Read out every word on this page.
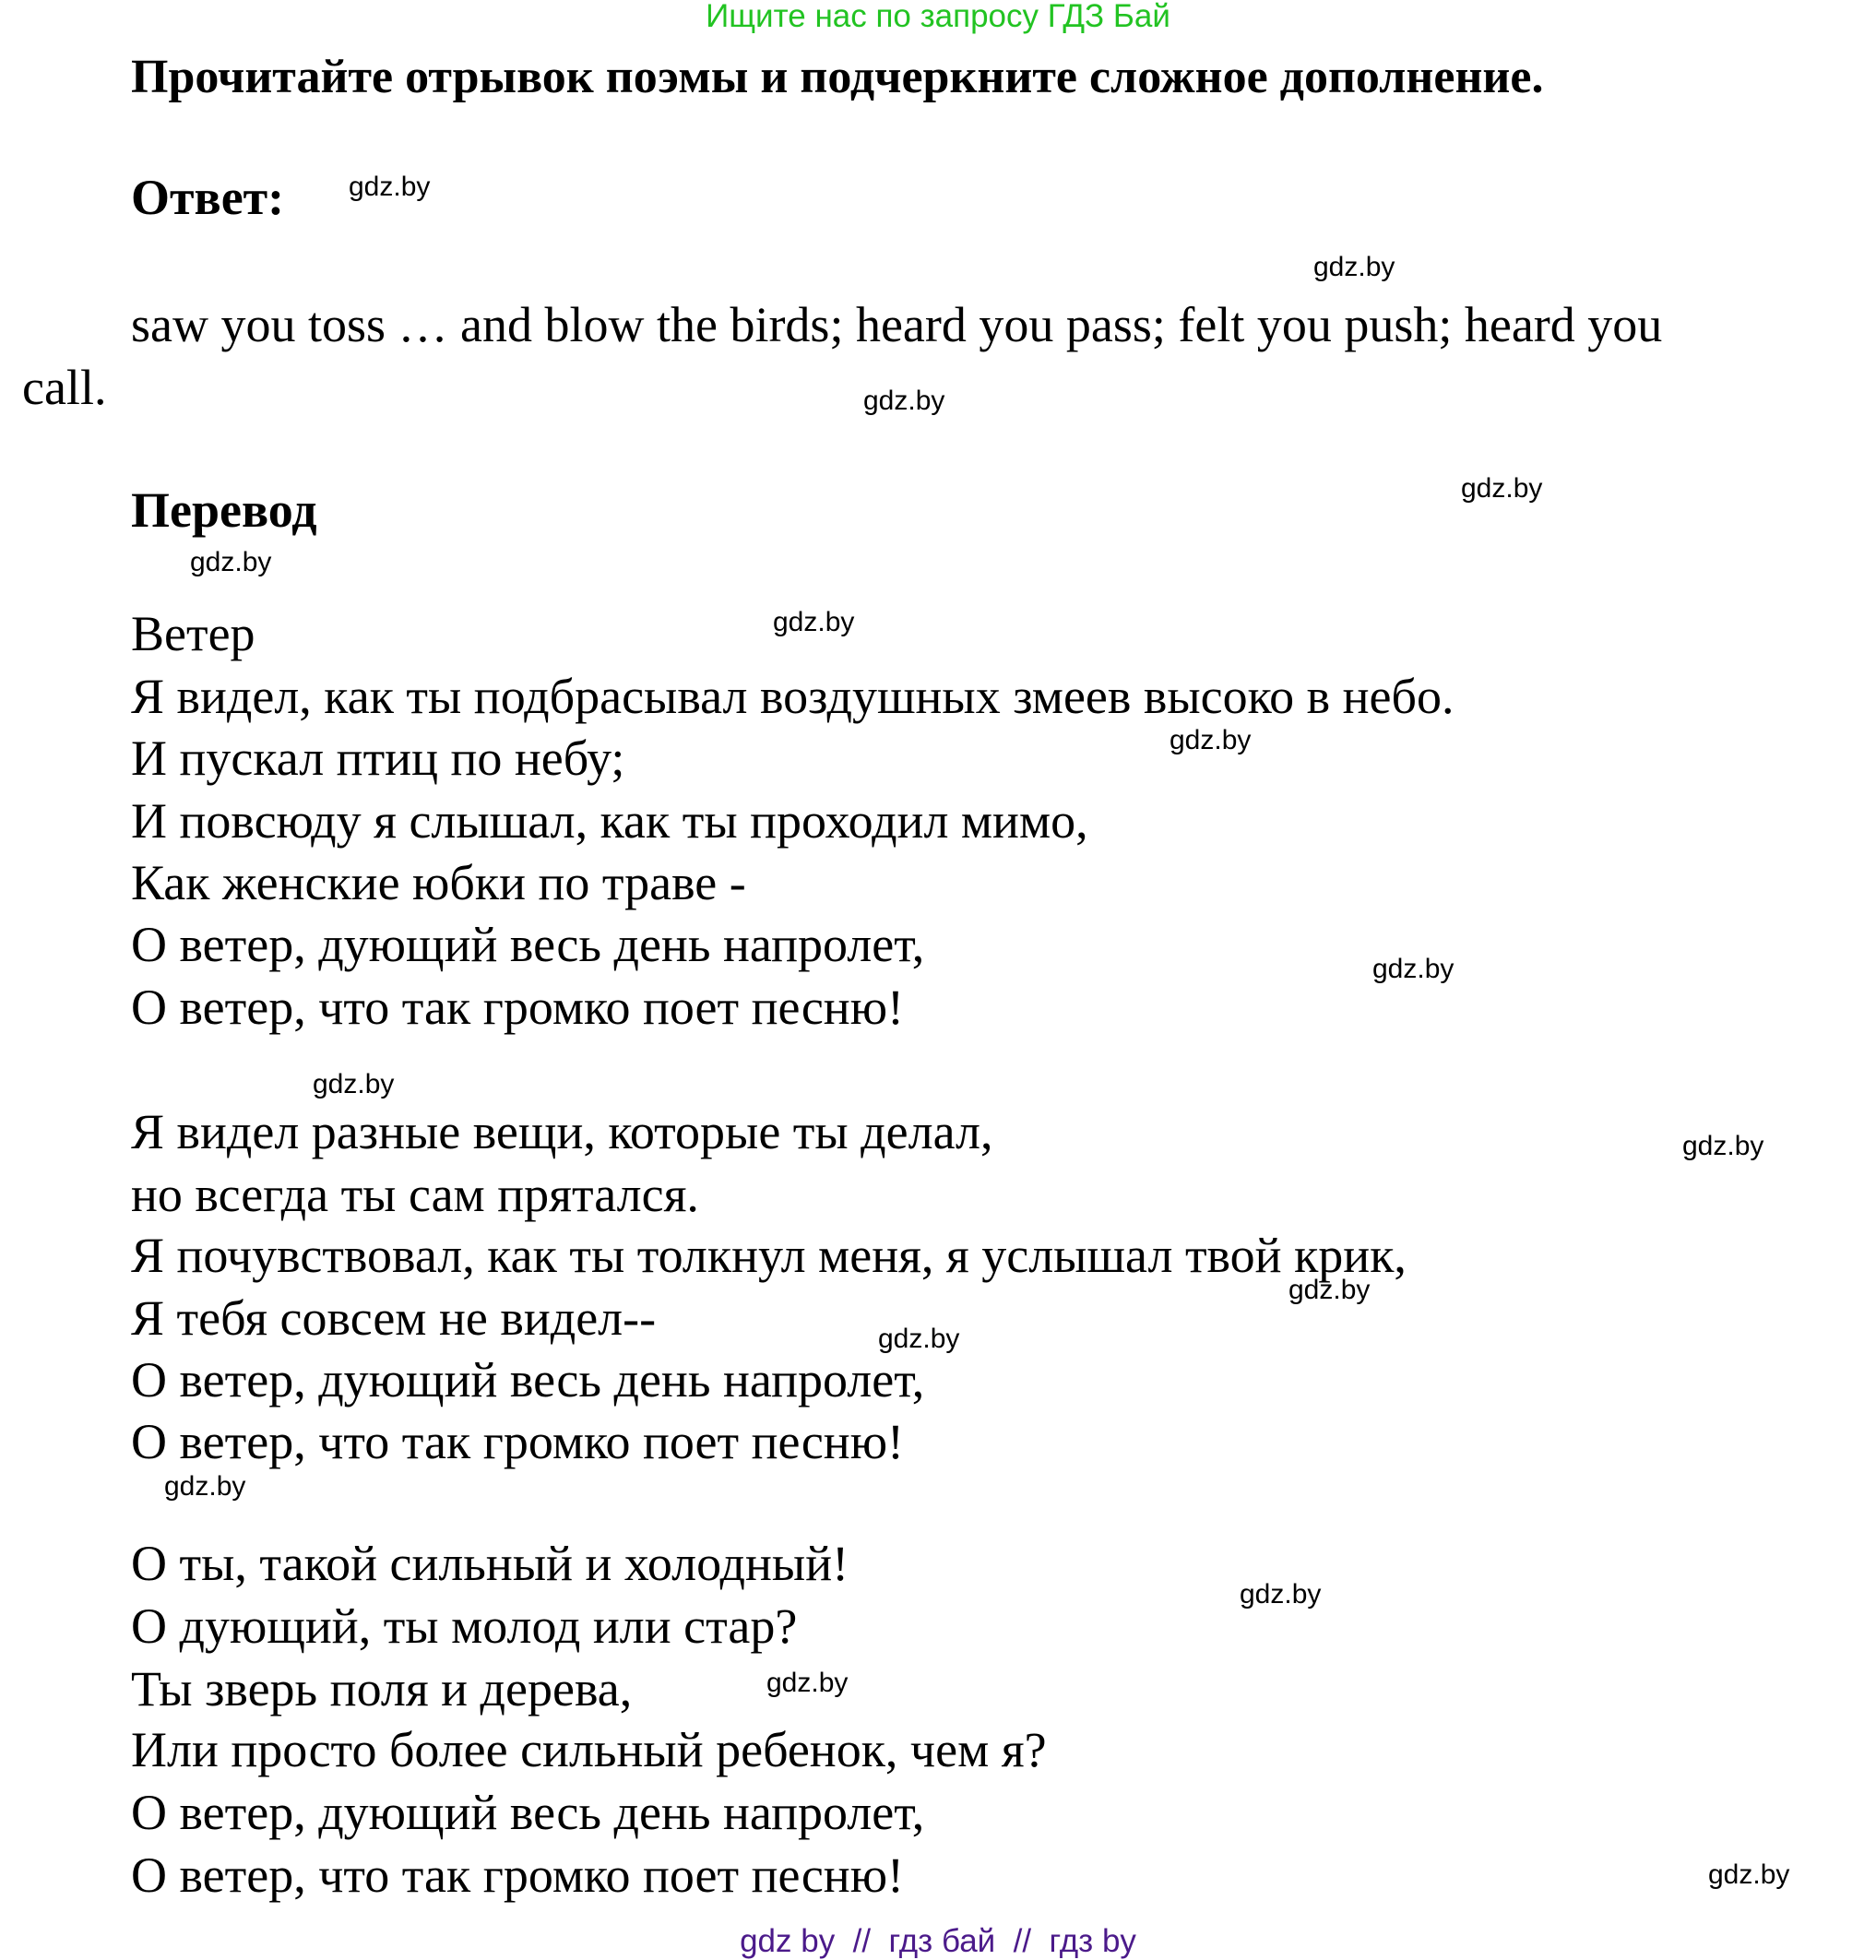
Ищите нас по запросу ГДЗ Бай
Прочитайте отрывок поэмы и подчеркните сложное дополнение.
Ответ:
saw you toss … and blow the birds; heard you pass; felt you push; heard you
call.
Перевод
Ветер
Я видел, как ты подбрасывал воздушных змеев высоко в небо.
И пускал птиц по небу;
И повсюду я слышал, как ты проходил мимо,
Как женские юбки по траве -
О ветер, дующий весь день напролет,
О ветер, что так громко поет песню!
Я видел разные вещи, которые ты делал,
но всегда ты сам прятался.
Я почувствовал, как ты толкнул меня, я услышал твой крик,
Я тебя совсем не видел--
О ветер, дующий весь день напролет,
О ветер, что так громко поет песню!
О ты, такой сильный и холодный!
О дующий, ты молод или стар?
Ты зверь поля и дерева,
Или просто более сильный ребенок, чем я?
О ветер, дующий весь день напролет,
О ветер, что так громко поет песню!
gdz.by
gdz.by
gdz.by
gdz.by
gdz.by
gdz.by
gdz.by
gdz.by
gdz.by
gdz.by
gdz.by
gdz.by
gdz.by
gdz.by
gdz.by
gdz.by
gdz by  //  гдз бай  //  гдз by
